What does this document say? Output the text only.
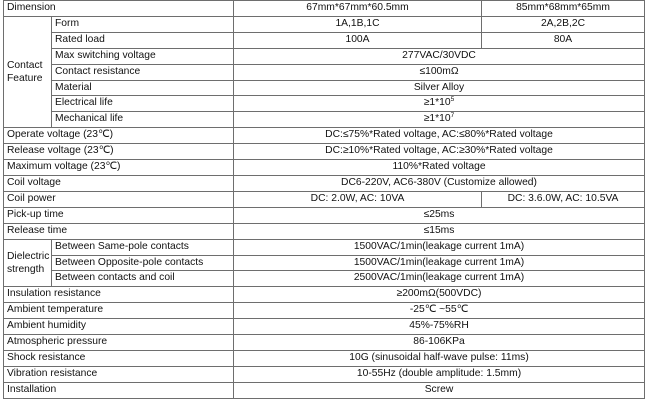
Dimension		67mm*67mm*60.5mm	85mm*68mm*65mm
Contact
Feature	Form	1A,1B,1C	2A,2B,2C
	Rated load	100A	80A
	Max switching voltage	277VAC/30VDC	
	Contact resistance	≤100mΩ	
	Material	Silver Alloy	
	Electrical life	$\ge 1*10^5$
	Mechanical life	$\ge 1*10^7$
Operate voltage (23℃)		DC:≤75%*Rated voltage, AC:≤80%*Rated voltage	
Release voltage (23℃)		DC:≥10%*Rated voltage, AC:≥30%*Rated voltage	
Maximum voltage (23℃)		110%*Rated voltage	
Coil voltage		DC6-220V, AC6-380V (Customize allowed)	
Coil power		DC: 2.0W, AC: 10VA	DC: 3.6.0W, AC: 10.5VA
Pick-up time		≤25ms	
Release time		≤15ms	
Dielectric
strength	Between Same-pole contacts	1500VAC/1min(leakage current 1mA)	
	Between Opposite-pole contacts	1500VAC/1min(leakage current 1mA)	
	Between contacts and coil	2500VAC/1min(leakage current 1mA)	
Insulation resistance		≥200mΩ(500VDC)	
Ambient temperature		-25℃ ~55℃	
Ambient humidity		45%-75%RH	
Atmospheric pressure		86-106KPa	
Shock resistance		10G (sinusoidal half-wave pulse: 11ms)	
Vibration resistance		10-55Hz (double amplitude: 1.5mm)	
Installation		Screw	
